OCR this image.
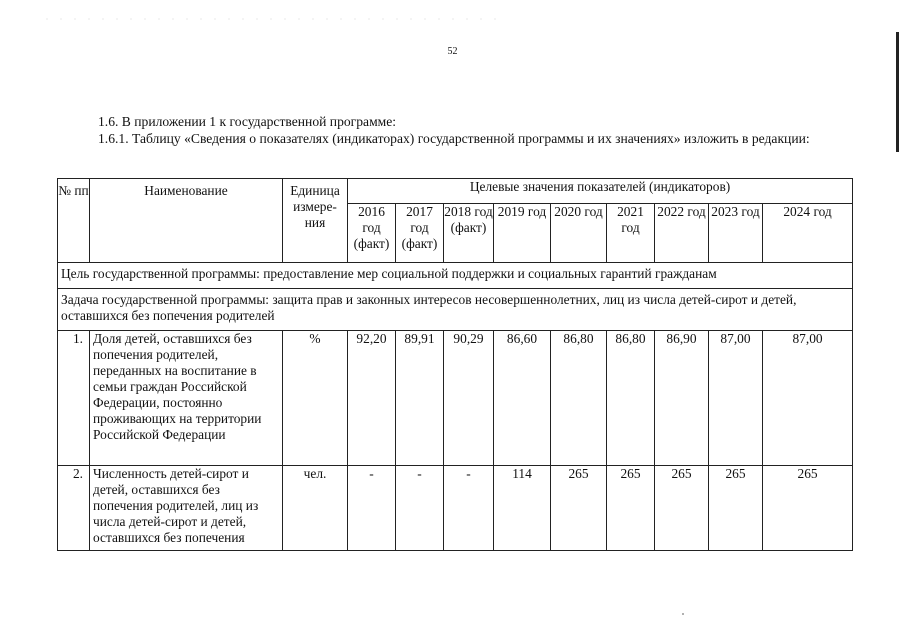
52
1.6. В приложении 1 к государственной программе:
1.6.1. Таблицу «Сведения о показателях (индикаторах) государственной программы и их значениях» изложить в редакции:
№ пп	Наименование	Единица измере-ния	Целевые значения показателей (индикаторов)								
			2016 год (факт)	2017 год (факт)	2018 год (факт)	2019 год	2020 год	2021 год	2022 год	2023 год	2024 год
Цель государственной программы: предоставление мер социальной поддержки и социальных гарантий гражданам											
Задача государственной программы: защита прав и законных интересов несовершеннолетних, лиц из числа детей-сирот и детей, оставшихся без попечения родителей											
1.	Доля детей, оставшихся без попечения родителей, переданных на воспитание в семьи граждан Российской Федерации, постоянно проживающих на территории Российской Федерации	%	92,20	89,91	90,29	86,60	86,80	86,80	86,90	87,00	87,00
2.	Численность детей-сирот и детей, оставшихся без попечения родителей, лиц из числа детей-сирот и детей, оставшихся без попечения	чел.	-	-	-	114	265	265	265	265	265
